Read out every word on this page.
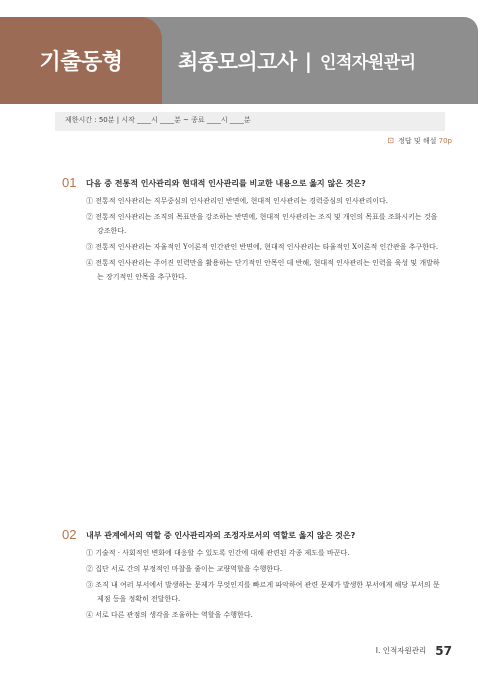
기출동형	최종모의고사 | 인적자원관리
제한시간 : 50분 | 시작 ____시 ____분 ~ 종료 ____시 ____분
⊡ 정답 및 해설 70p
01 다음 중 전통적 인사관리와 현대적 인사관리를 비교한 내용으로 옳지 않은 것은?
① 전통적 인사관리는 직무중심의 인사관리인 반면에, 현대적 인사관리는 경력중심의 인사관리이다.
② 전통적 인사관리는 조직의 목표만을 강조하는 반면에, 현대적 인사관리는 조직 및 개인의 목표를 조화시키는 것을 강조한다.
③ 전통적 인사관리는 자율적인 Y이론적 인간관인 반면에, 현대적 인사관리는 타율적인 X이론적 인간관을 추구한다.
④ 전통적 인사관리는 주어진 인력만을 활용하는 단기적인 안목인 데 반해, 현대적 인사관리는 인력을 육성 및 개발하는 장기적인 안목을 추구한다.
02 내부 관계에서의 역할 중 인사관리자의 조정자로서의 역할로 옳지 않은 것은?
① 기술적 · 사회적인 변화에 대응할 수 있도록 인간에 대해 관련된 각종 제도를 바꾼다.
② 집단 서로 간의 부정적인 마찰을 줄이는 교량역할을 수행한다.
③ 조직 내 여러 부서에서 발생하는 문제가 무엇인지를 빠르게 파악하여 관련 문제가 발생한 부서에게 해당 부서의 문제점 등을 정확히 전달한다.
④ 서로 다른 관점의 생각을 조율하는 역할을 수행한다.
Ⅰ. 인적자원관리 57
